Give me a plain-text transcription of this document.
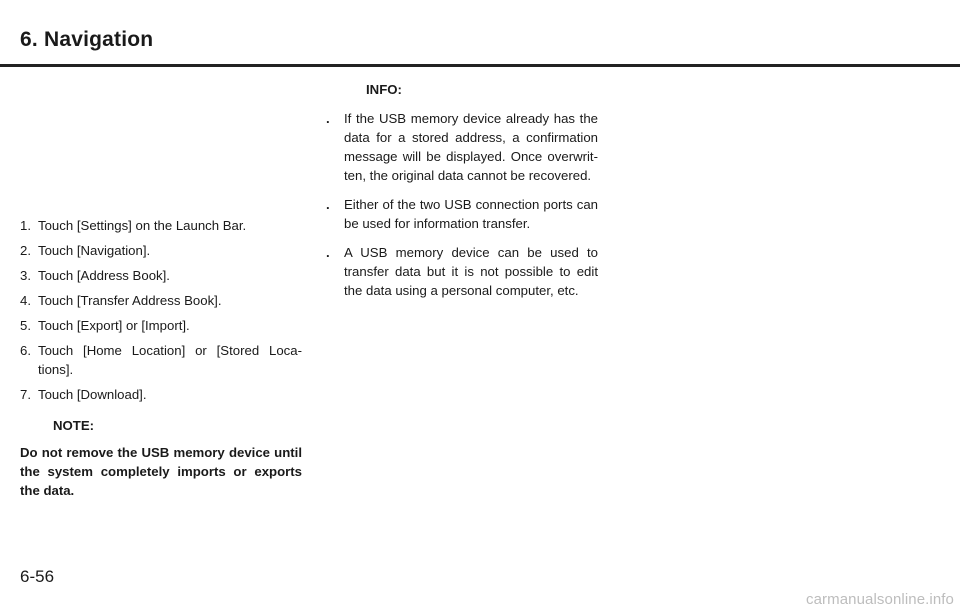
6. Navigation
1. Touch [Settings] on the Launch Bar.
2. Touch [Navigation].
3. Touch [Address Book].
4. Touch [Transfer Address Book].
5. Touch [Export] or [Import].
6. Touch [Home Location] or [Stored Loca-tions].
7. Touch [Download].
NOTE:

Do not remove the USB memory device until the system completely imports or exports the data.

INFO:
. If the USB memory device already has the data for a stored address, a confirmation message will be displayed. Once overwrit-ten, the original data cannot be recovered.
. Either of the two USB connection ports can be used for information transfer.
. A USB memory device can be used to transfer data but it is not possible to edit the data using a personal computer, etc.
6-56
carmanualsonline.info
